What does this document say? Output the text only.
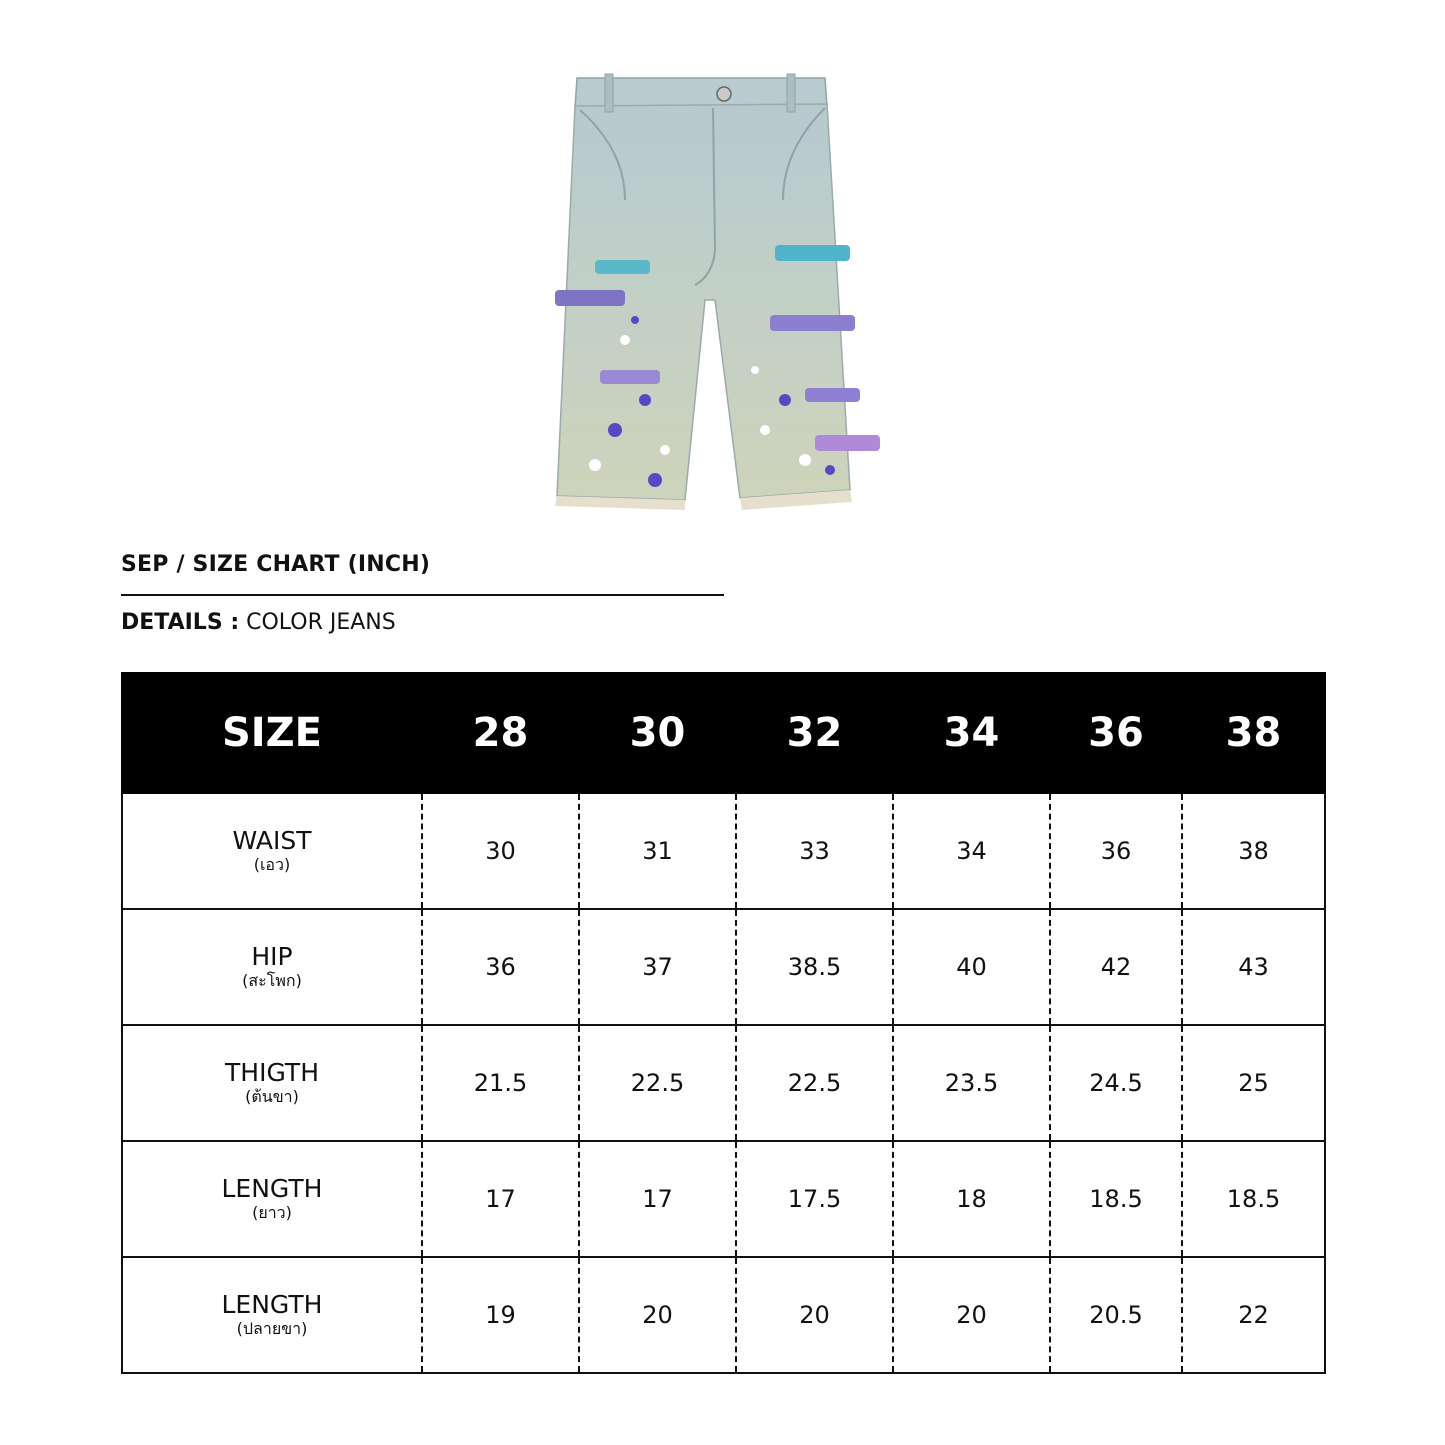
SEP / SIZE CHART (INCH)
DETAILS : COLOR JEANS
SIZE	28	30	32	34	36	38

WAIST
(เอว)	30	31	33	34	36	38

HIP
(สะโพก)	36	37	38.5	40	42	43

THIGTH
(ต้นขา)	21.5	22.5	22.5	23.5	24.5	25

LENGTH
(ยาว)	17	17	17.5	18	18.5	18.5

LENGTH
(ปลายขา)	19	20	20	20	20.5	22
